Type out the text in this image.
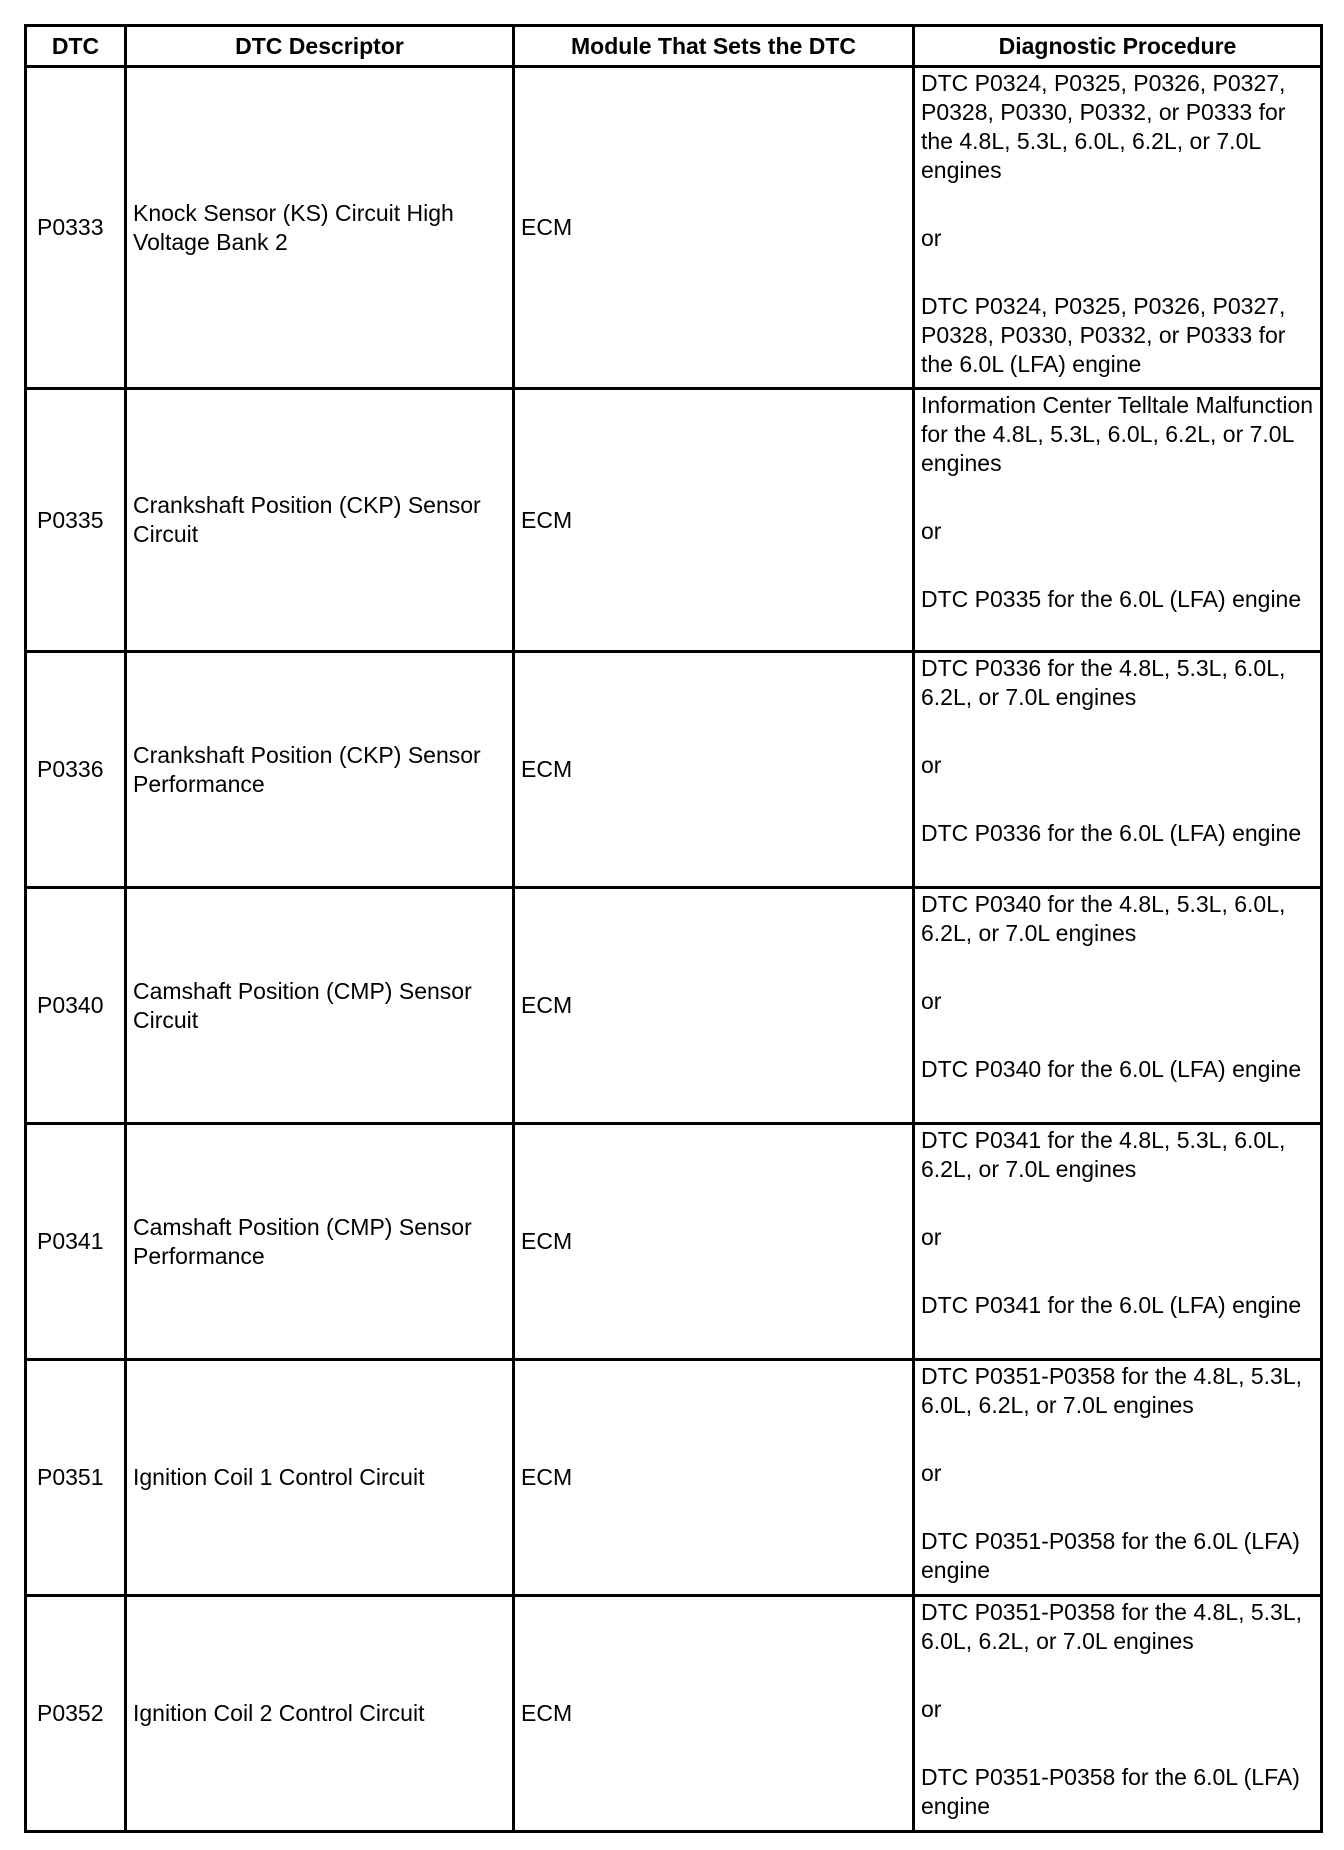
DTC	DTC Descriptor	Module That Sets the DTC	Diagnostic Procedure
P0333	Knock Sensor (KS) Circuit High Voltage Bank 2	ECM	DTC P0324, P0325, P0326, P0327, P0328, P0330, P0332, or P0333 for the 4.8L, 5.3L, 6.0L, 6.2L, or 7.0L engines
or
DTC P0324, P0325, P0326, P0327, P0328, P0330, P0332, or P0333 for the 6.0L (LFA) engine

P0335	Crankshaft Position (CKP) Sensor Circuit	ECM	Information Center Telltale Malfunction for the 4.8L, 5.3L, 6.0L, 6.2L, or 7.0L engines
or
DTC P0335 for the 6.0L (LFA) engine

P0336	Crankshaft Position (CKP) Sensor Performance	ECM	DTC P0336 for the 4.8L, 5.3L, 6.0L, 6.2L, or 7.0L engines
or
DTC P0336 for the 6.0L (LFA) engine

P0340	Camshaft Position (CMP) Sensor Circuit	ECM	DTC P0340 for the 4.8L, 5.3L, 6.0L, 6.2L, or 7.0L engines
or
DTC P0340 for the 6.0L (LFA) engine

P0341	Camshaft Position (CMP) Sensor Performance	ECM	DTC P0341 for the 4.8L, 5.3L, 6.0L, 6.2L, or 7.0L engines
or
DTC P0341 for the 6.0L (LFA) engine

P0351	Ignition Coil 1 Control Circuit	ECM	DTC P0351-P0358 for the 4.8L, 5.3L, 6.0L, 6.2L, or 7.0L engines
or
DTC P0351-P0358 for the 6.0L (LFA) engine

P0352	Ignition Coil 2 Control Circuit	ECM	DTC P0351-P0358 for the 4.8L, 5.3L, 6.0L, 6.2L, or 7.0L engines
or
DTC P0351-P0358 for the 6.0L (LFA) engine
